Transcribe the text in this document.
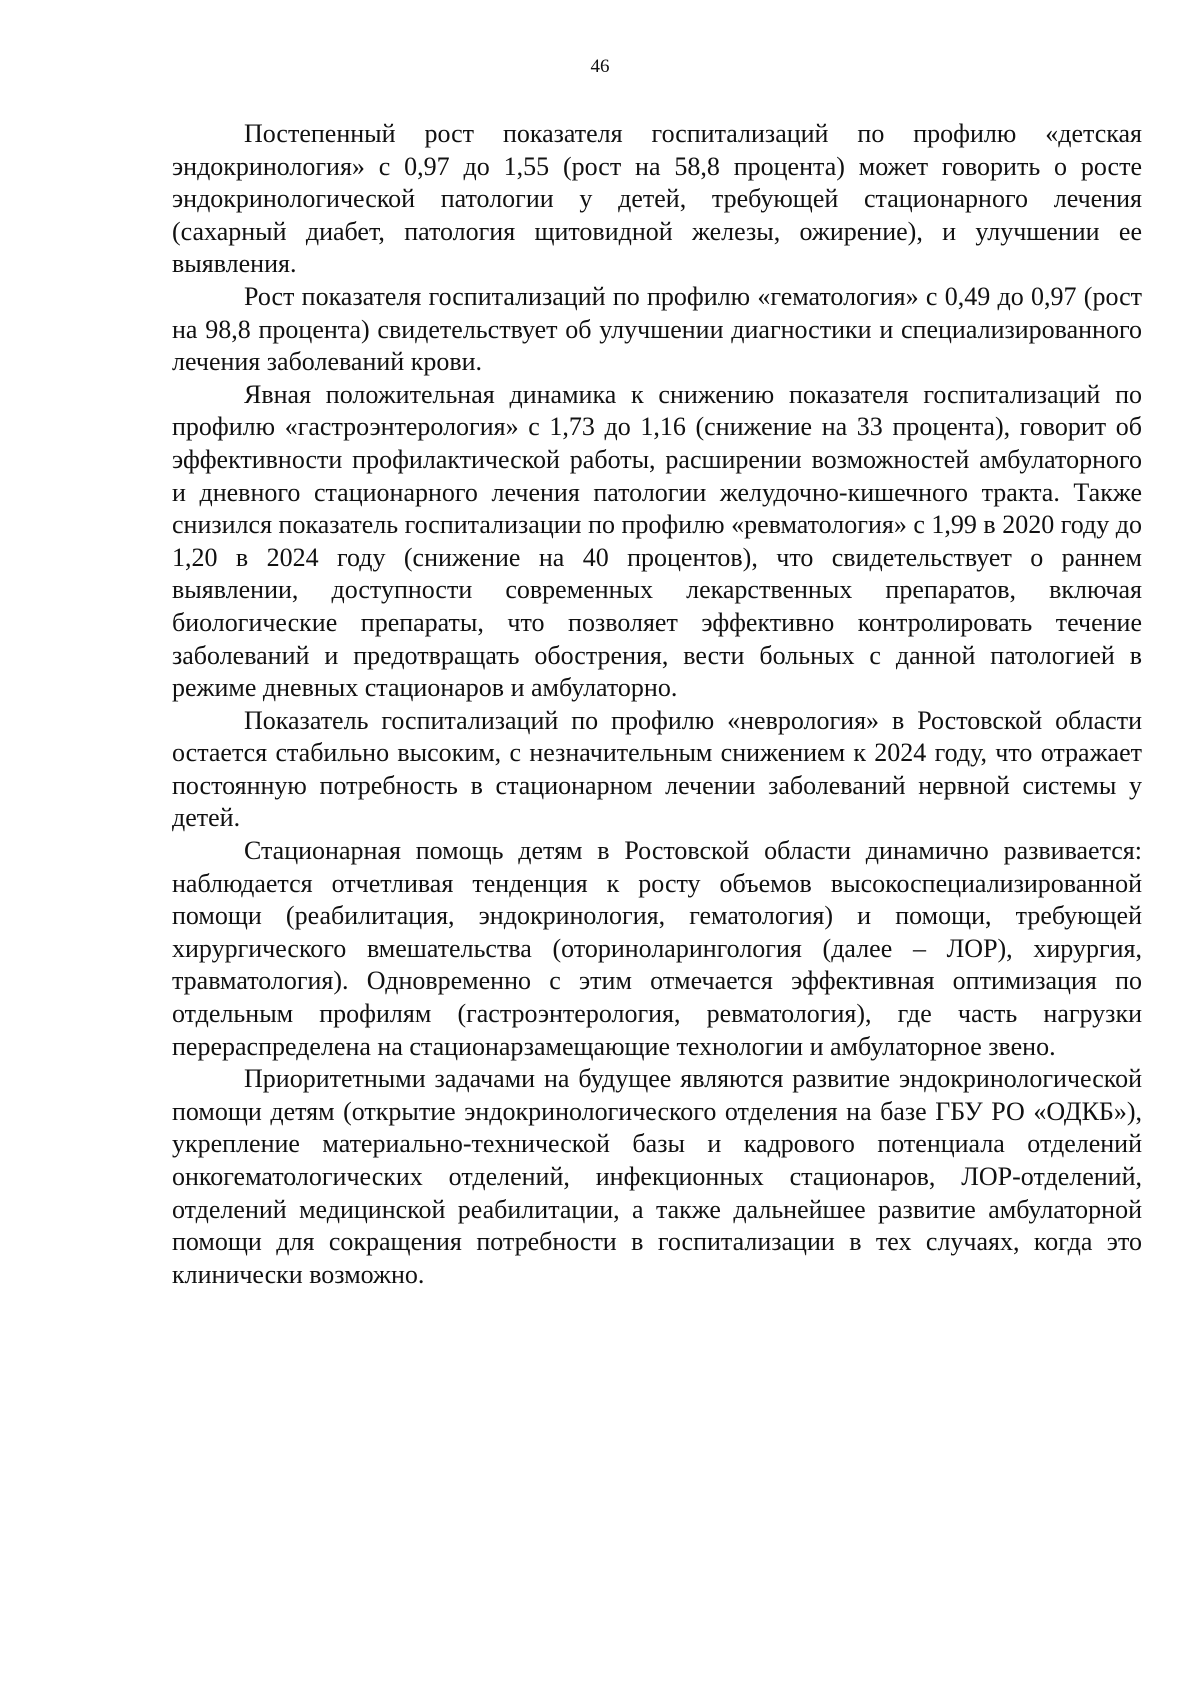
46

Постепенный рост показателя госпитализаций по профилю «детская эндокринология» с 0,97 до 1,55 (рост на 58,8 процента) может говорить о росте эндокринологической патологии у детей, требующей стационарного лечения (сахарный диабет, патология щитовидной железы, ожирение), и улучшении ее выявления.

Рост показателя госпитализаций по профилю «гематология» с 0,49 до 0,97 (рост на 98,8 процента) свидетельствует об улучшении диагностики и специализированного лечения заболеваний крови.

Явная положительная динамика к снижению показателя госпитализаций по профилю «гастроэнтерология» с 1,73 до 1,16 (снижение на 33 процента), говорит об эффективности профилактической работы, расширении возможностей амбулаторного и дневного стационарного лечения патологии желудочно-кишечного тракта. Также снизился показатель госпитализации по профилю «ревматология» с 1,99 в 2020 году до 1,20 в 2024 году (снижение на 40 процентов), что свидетельствует о раннем выявлении, доступности современных лекарственных препаратов, включая биологические препараты, что позволяет эффективно контролировать течение заболеваний и предотвращать обострения, вести больных с данной патологией в режиме дневных стационаров и амбулаторно.

Показатель госпитализаций по профилю «неврология» в Ростовской области остается стабильно высоким, с незначительным снижением к 2024 году, что отражает постоянную потребность в стационарном лечении заболеваний нервной системы у детей.

Стационарная помощь детям в Ростовской области динамично развивается: наблюдается отчетливая тенденция к росту объемов высокоспециализированной помощи (реабилитация, эндокринология, гематология) и помощи, требующей хирургического вмешательства (оториноларингология (далее – ЛОР), хирургия, травматология). Одновременно с этим отмечается эффективная оптимизация по отдельным профилям (гастроэнтерология, ревматология), где часть нагрузки перераспределена на стационарзамещающие технологии и амбулаторное звено.

Приоритетными задачами на будущее являются развитие эндокринологической помощи детям (открытие эндокринологического отделения на базе ГБУ РО «ОДКБ»), укрепление материально-технической базы и кадрового потенциала отделений онкогематологических отделений, инфекционных стационаров, ЛОР-отделений, отделений медицинской реабилитации, а также дальнейшее развитие амбулаторной помощи для сокращения потребности в госпитализации в тех случаях, когда это клинически возможно.
